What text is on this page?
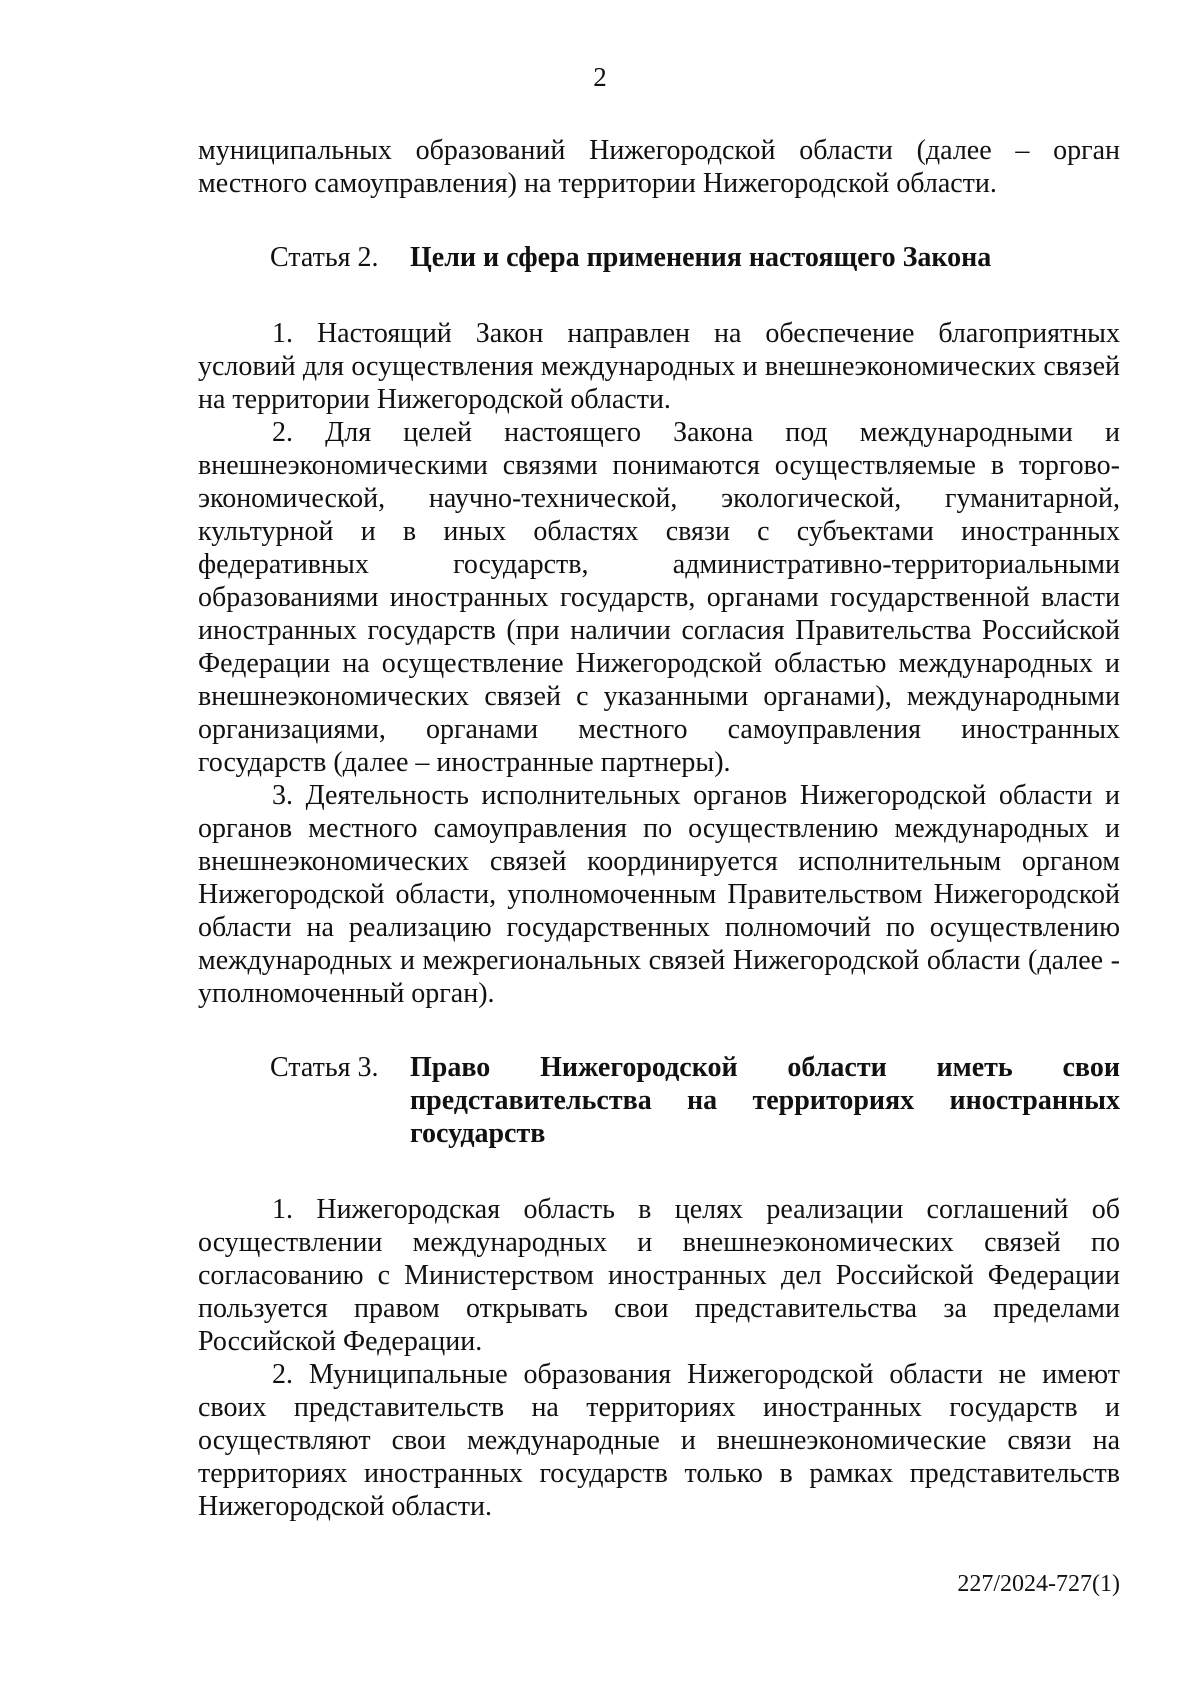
2

муниципальных образований Нижегородской области (далее – орган местного самоуправления) на территории Нижегородской области.

Статья 2.	Цели и сфера применения настоящего Закона

1. Настоящий Закон направлен на обеспечение благоприятных условий для осуществления международных и внешнеэкономических связей на территории Нижегородской области.

2. Для целей настоящего Закона под международными и внешнеэкономическими связями понимаются осуществляемые в торгово-экономической, научно-технической, экологической, гуманитарной, культурной и в иных областях связи с субъектами иностранных федеративных государств, административно-территориальными образованиями иностранных государств, органами государственной власти иностранных государств (при наличии согласия Правительства Российской Федерации на осуществление Нижегородской областью международных и внешнеэкономических связей с указанными органами), международными организациями, органами местного самоуправления иностранных государств (далее – иностранные партнеры).

3. Деятельность исполнительных органов Нижегородской области и органов местного самоуправления по осуществлению международных и внешнеэкономических связей координируется исполнительным органом Нижегородской области, уполномоченным Правительством Нижегородской области на реализацию государственных полномочий по осуществлению международных и межрегиональных связей Нижегородской области (далее - уполномоченный орган).

Статья 3.	Право Нижегородской области иметь свои представительства на территориях иностранных государств

1. Нижегородская область в целях реализации соглашений об осуществлении международных и внешнеэкономических связей по согласованию с Министерством иностранных дел Российской Федерации пользуется правом открывать свои представительства за пределами Российской Федерации.

2. Муниципальные образования Нижегородской области не имеют своих представительств на территориях иностранных государств и осуществляют свои международные и внешнеэкономические связи на территориях иностранных государств только в рамках представительств Нижегородской области.

227/2024-727(1)
